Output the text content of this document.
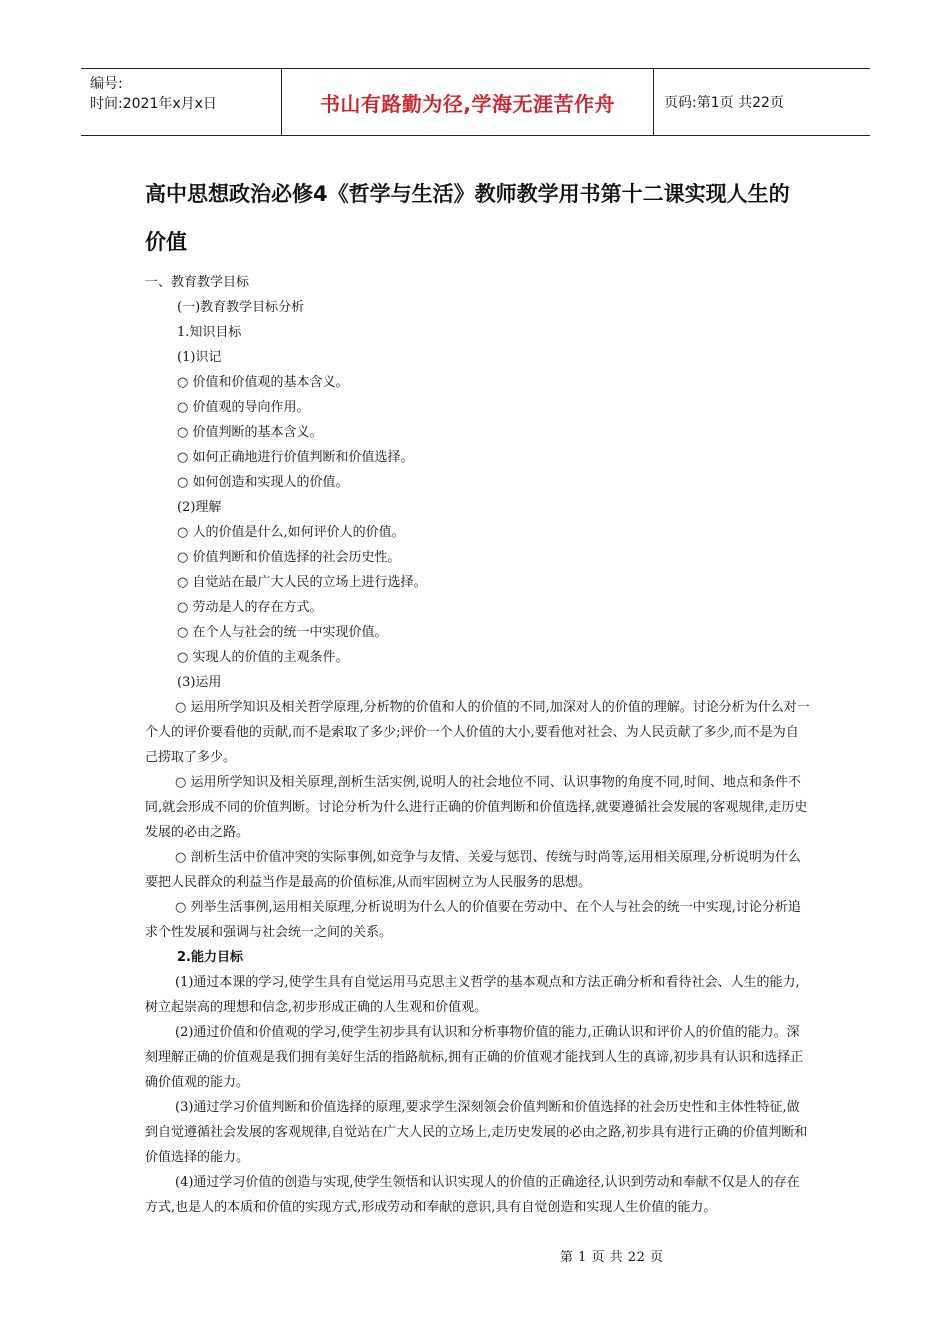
编号:
时间:2021年x月x日	书山有路勤为径,学海无涯苦作舟	页码:第1页 共22页
高中思想政治必修4《哲学与生活》教师教学用书第十二课实现人生的价值

一、教育教学目标

(一)教育教学目标分析

1.知识目标

(1)识记

○ 价值和价值观的基本含义。

○ 价值观的导向作用。

○ 价值判断的基本含义。

○ 如何正确地进行价值判断和价值选择。

○ 如何创造和实现人的价值。

(2)理解

○ 人的价值是什么,如何评价人的价值。

○ 价值判断和价值选择的社会历史性。

○ 自觉站在最广大人民的立场上进行选择。

○ 劳动是人的存在方式。

○ 在个人与社会的统一中实现价值。

○ 实现人的价值的主观条件。

(3)运用

○ 运用所学知识及相关哲学原理,分析物的价值和人的价值的不同,加深对人的价值的理解。讨论分析为什么对一个人的评价要看他的贡献,而不是索取了多少;评价一个人价值的大小,要看他对社会、为人民贡献了多少,而不是为自己捞取了多少。

○ 运用所学知识及相关原理,剖析生活实例,说明人的社会地位不同、认识事物的角度不同,时间、地点和条件不同,就会形成不同的价值判断。讨论分析为什么进行正确的价值判断和价值选择,就要遵循社会发展的客观规律,走历史发展的必由之路。

○ 剖析生活中价值冲突的实际事例,如竞争与友情、关爱与惩罚、传统与时尚等,运用相关原理,分析说明为什么要把人民群众的利益当作是最高的价值标准,从而牢固树立为人民服务的思想。

○ 列举生活事例,运用相关原理,分析说明为什么人的价值要在劳动中、在个人与社会的统一中实现,讨论分析追求个性发展和强调与社会统一之间的关系。

2.能力目标

(1)通过本课的学习,使学生具有自觉运用马克思主义哲学的基本观点和方法正确分析和看待社会、人生的能力,树立起崇高的理想和信念,初步形成正确的人生观和价值观。

(2)通过价值和价值观的学习,使学生初步具有认识和分析事物价值的能力,正确认识和评价人的价值的能力。深刻理解正确的价值观是我们拥有美好生活的指路航标,拥有正确的价值观才能找到人生的真谛,初步具有认识和选择正确价值观的能力。

(3)通过学习价值判断和价值选择的原理,要求学生深刻领会价值判断和价值选择的社会历史性和主体性特征,做到自觉遵循社会发展的客观规律,自觉站在广大人民的立场上,走历史发展的必由之路,初步具有进行正确的价值判断和价值选择的能力。

(4)通过学习价值的创造与实现,使学生领悟和认识实现人的价值的正确途径,认识到劳动和奉献不仅是人的存在方式,也是人的本质和价值的实现方式,形成劳动和奉献的意识,具有自觉创造和实现人生价值的能力。

第 1 页 共 22 页
